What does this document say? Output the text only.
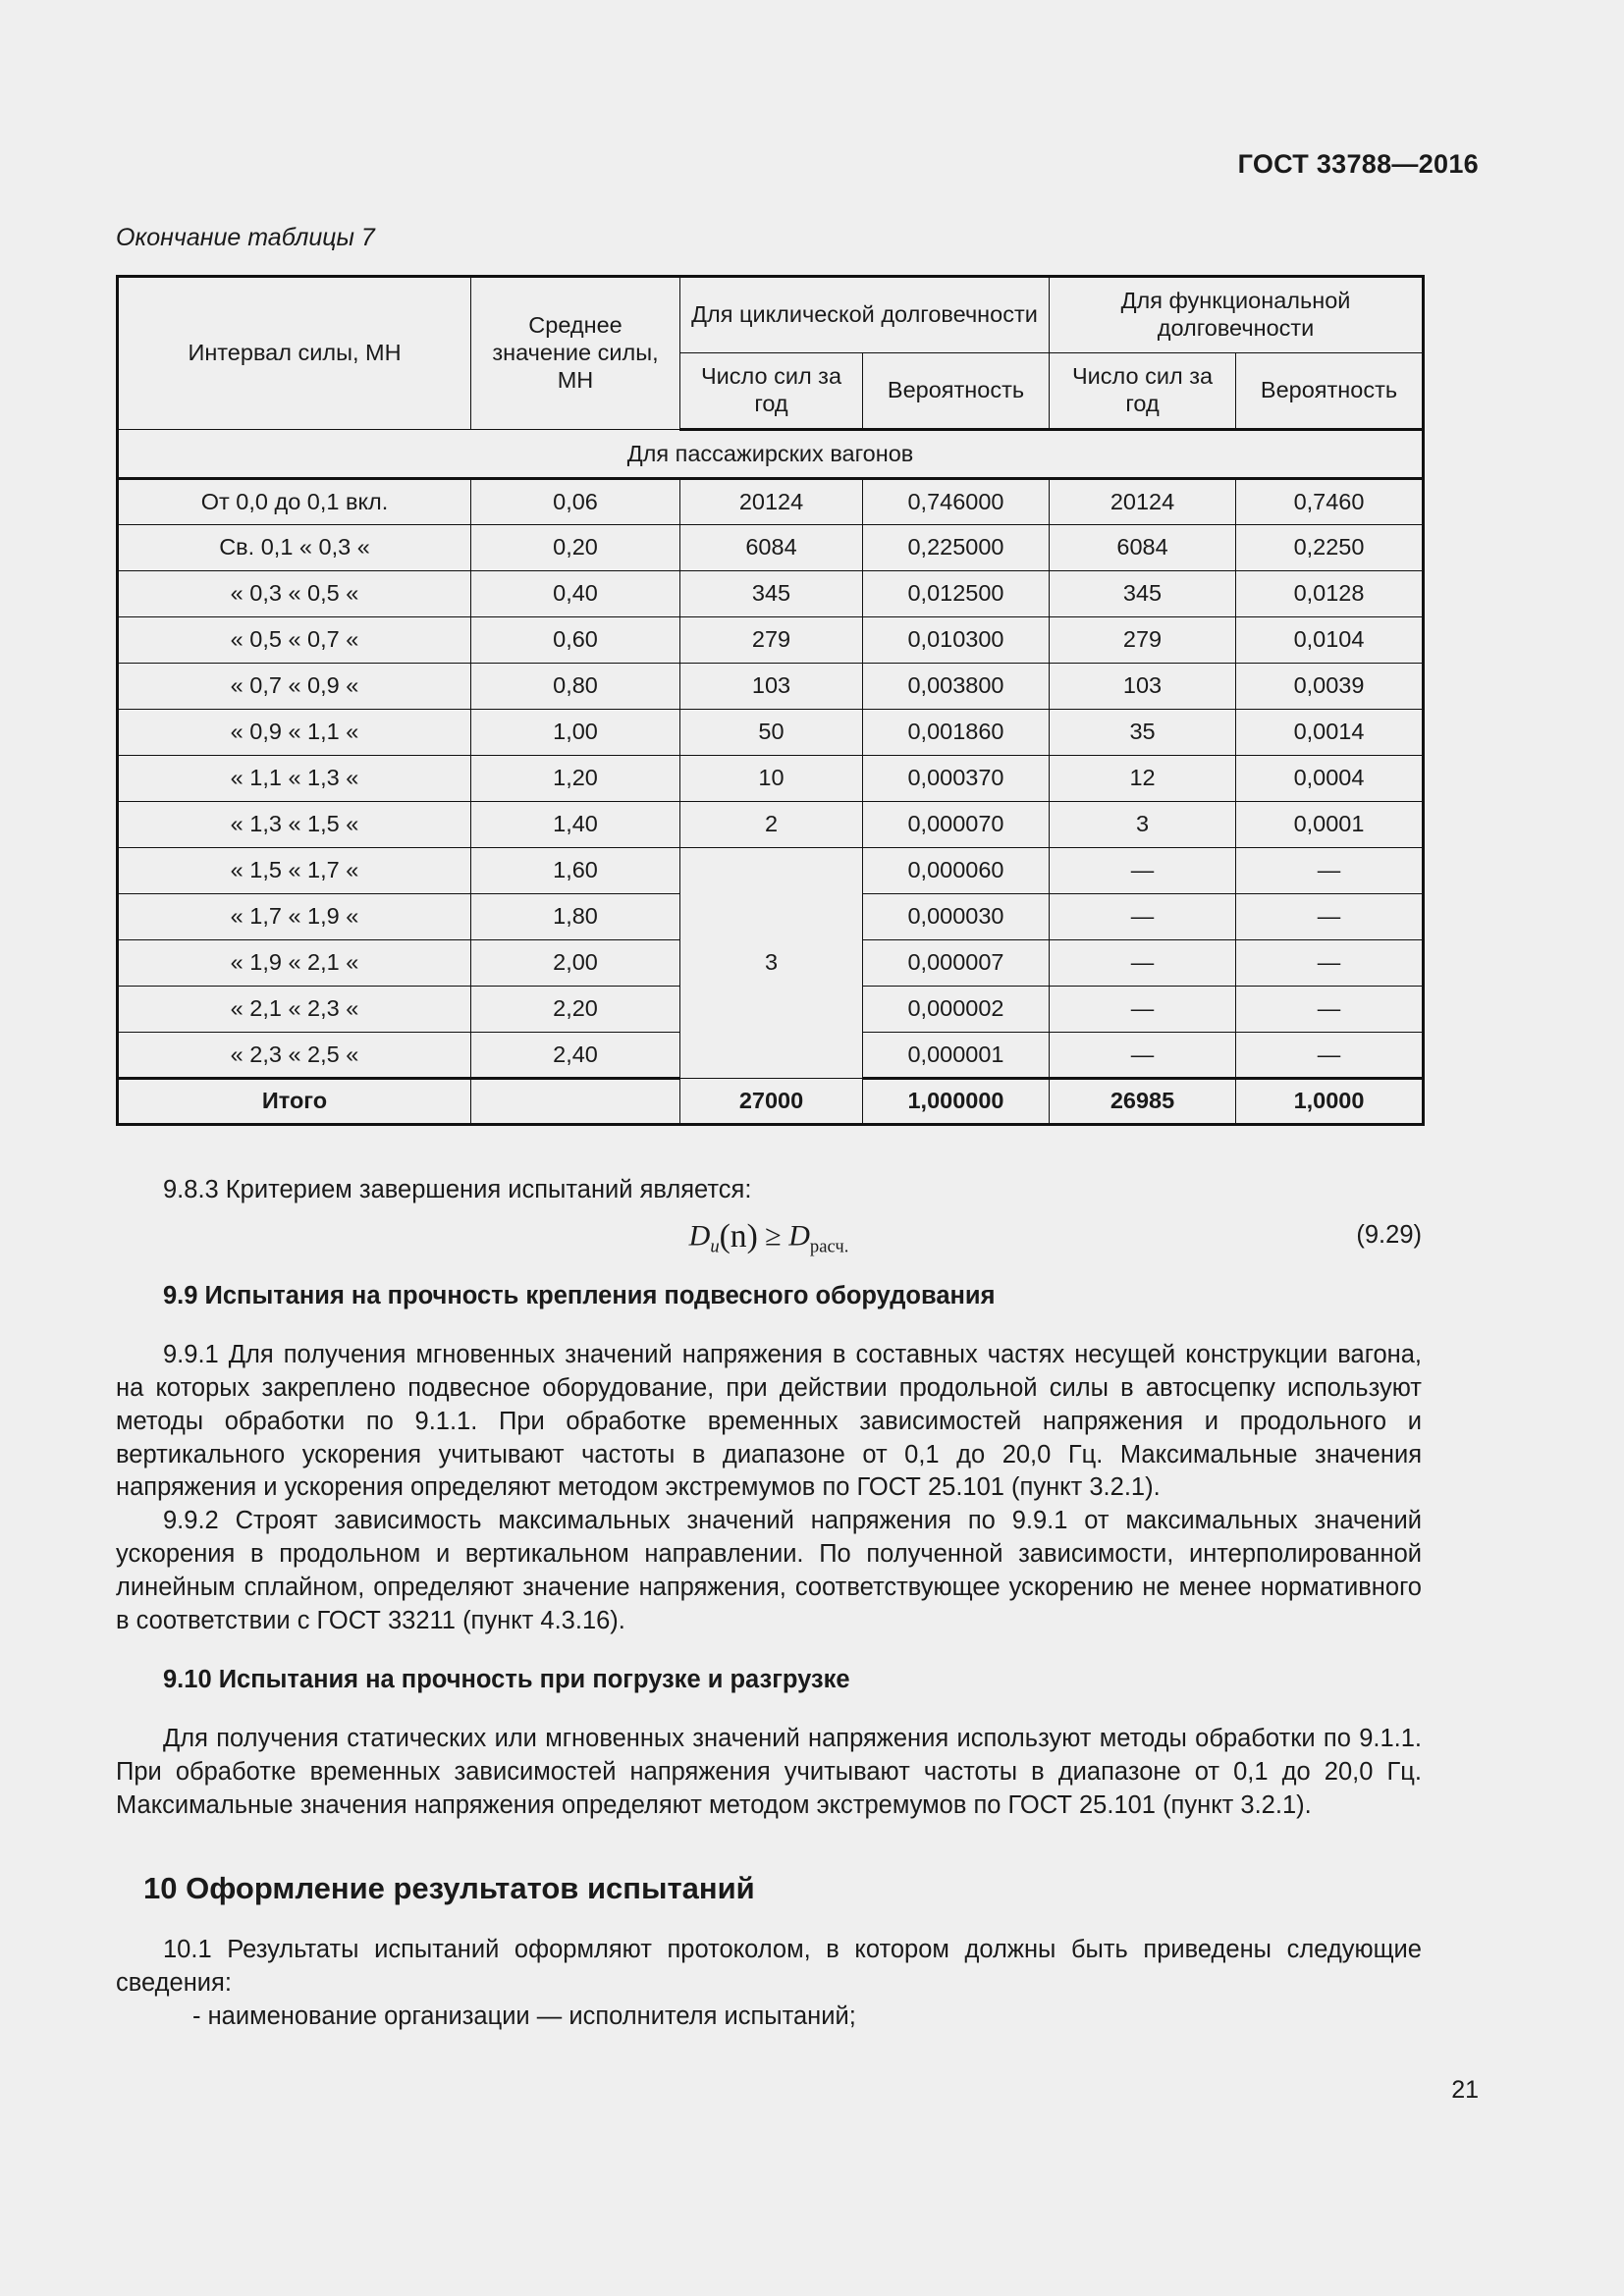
ГОСТ 33788—2016
Окончание таблицы 7
Интервал силы, МН	Среднее значение силы, МН	Для циклической долговечности		Для функциональной долговечности	
		Число сил за год	Вероятность	Число сил за год	Вероятность
Для пассажирских вагонов					
От 0,0 до 0,1 вкл.	0,06	20124	0,746000	20124	0,7460
Св. 0,1 « 0,3 «	0,20	6084	0,225000	6084	0,2250
« 0,3 « 0,5 «	0,40	345	0,012500	345	0,0128
« 0,5 « 0,7 «	0,60	279	0,010300	279	0,0104
« 0,7 « 0,9 «	0,80	103	0,003800	103	0,0039
« 0,9 « 1,1 «	1,00	50	0,001860	35	0,0014
« 1,1 « 1,3 «	1,20	10	0,000370	12	0,0004
« 1,3 « 1,5 «	1,40	2	0,000070	3	0,0001
« 1,5 « 1,7 «	1,60	3	0,000060	—	—
« 1,7 « 1,9 «	1,80		0,000030	—	—
« 1,9 « 2,1 «	2,00		0,000007	—	—
« 2,1 « 2,3 «	2,20		0,000002	—	—
« 2,3 « 2,5 «	2,40		0,000001	—	—
Итого		27000	1,000000	26985	1,0000

9.8.3 Критерием завершения испытаний является:

$D_u(n) \ge D_{расч.}$	(9.29)

9.9 Испытания на прочность крепления подвесного оборудования

9.9.1 Для получения мгновенных значений напряжения в составных частях несущей конструкции вагона, на которых закреплено подвесное оборудование, при действии продольной силы в автосцепку используют методы обработки по 9.1.1. При обработке временных зависимостей напряжения и продольного и вертикального ускорения учитывают частоты в диапазоне от 0,1 до 20,0 Гц. Максимальные значения напряжения и ускорения определяют методом экстремумов по ГОСТ 25.101 (пункт 3.2.1).

9.9.2 Строят зависимость максимальных значений напряжения по 9.9.1 от максимальных значений ускорения в продольном и вертикальном направлении. По полученной зависимости, интерполированной линейным сплайном, определяют значение напряжения, соответствующее ускорению не менее нормативного в соответствии с ГОСТ 33211 (пункт 4.3.16).

9.10 Испытания на прочность при погрузке и разгрузке

Для получения статических или мгновенных значений напряжения используют методы обработки по 9.1.1. При обработке временных зависимостей напряжения учитывают частоты в диапазоне от 0,1 до 20,0 Гц. Максимальные значения напряжения определяют методом экстремумов по ГОСТ 25.101 (пункт 3.2.1).

10 Оформление результатов испытаний

10.1 Результаты испытаний оформляют протоколом, в котором должны быть приведены следующие сведения:

- наименование организации — исполнителя испытаний;

21
